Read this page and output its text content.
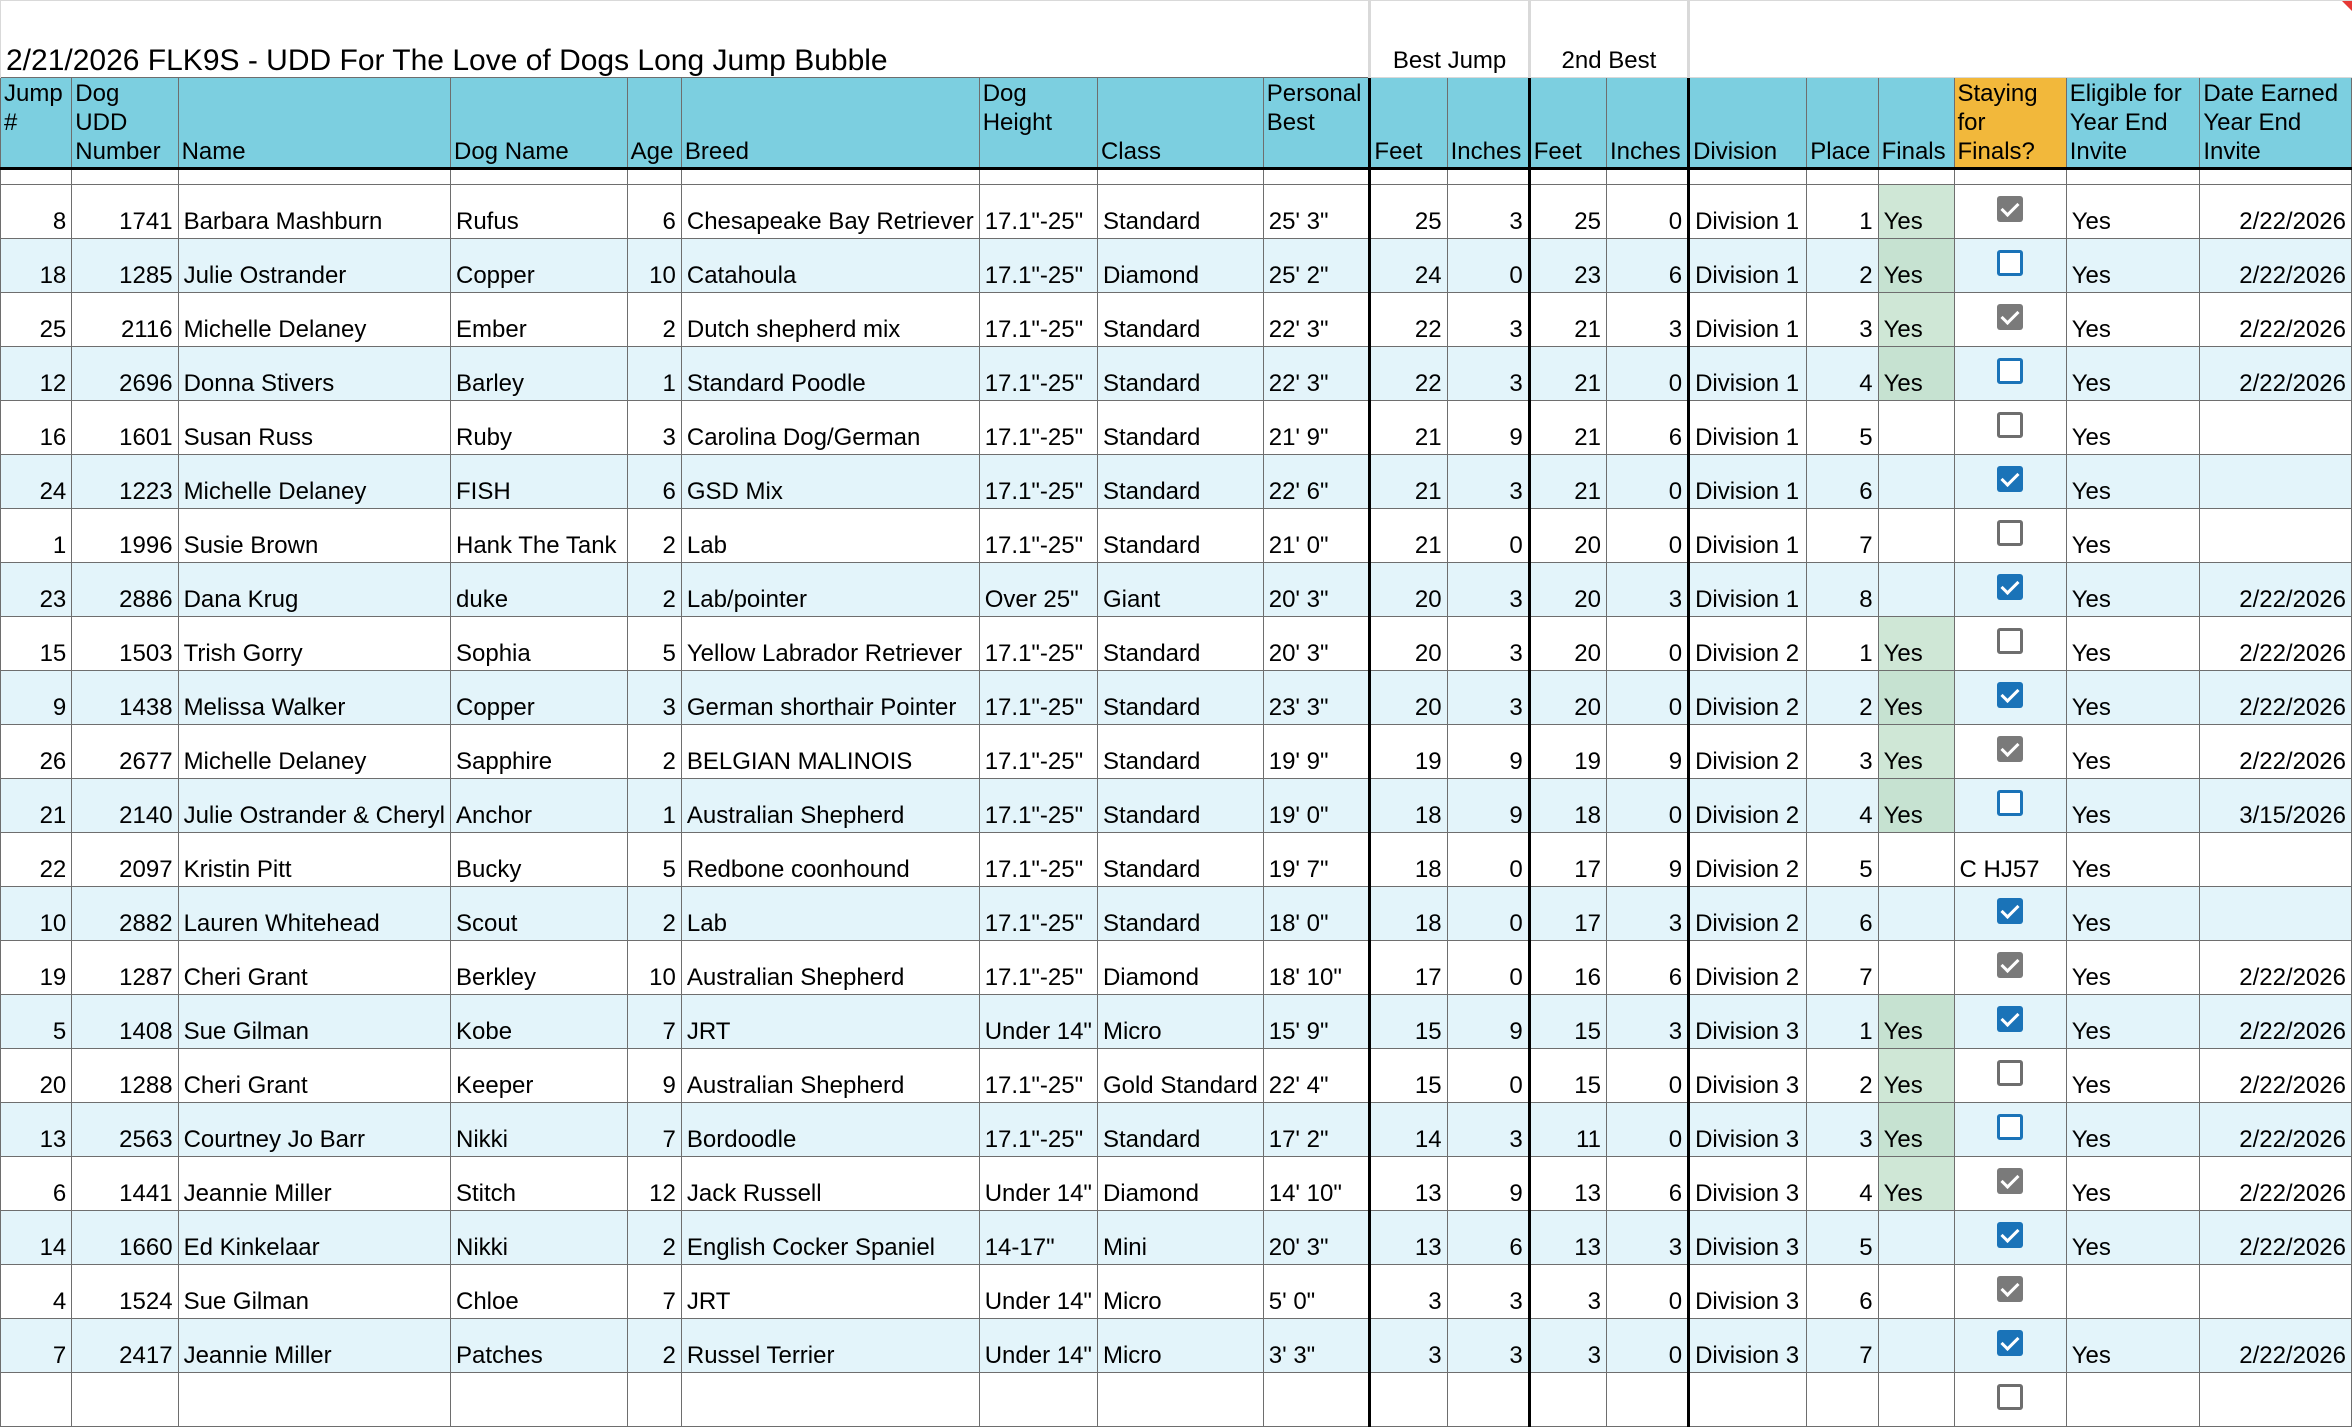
2/21/2026 FLK9S - UDD For The Love of Dogs Long Jump Bubble									Best Jump		2nd Best							
Jump #	Dog UDD Number	Name	Dog Name	Age	Breed	Dog Height	Class	Personal Best	Feet	Inches	Feet	Inches	Division	Place	Finals	Staying for Finals?	Eligible for Year End Invite	Date Earned Year End Invite

8	1741	Barbara Mashburn	Rufus	6	Chesapeake Bay Retriever	17.1"-25"	Standard	25' 3"	25	3	25	0	Division 1	1	Yes		Yes	2/22/2026
18	1285	Julie Ostrander	Copper	10	Catahoula	17.1"-25"	Diamond	25' 2"	24	0	23	6	Division 1	2	Yes		Yes	2/22/2026
25	2116	Michelle Delaney	Ember	2	Dutch shepherd mix	17.1"-25"	Standard	22' 3"	22	3	21	3	Division 1	3	Yes		Yes	2/22/2026
12	2696	Donna Stivers	Barley	1	Standard Poodle	17.1"-25"	Standard	22' 3"	22	3	21	0	Division 1	4	Yes		Yes	2/22/2026
16	1601	Susan Russ	Ruby	3	Carolina Dog/German	17.1"-25"	Standard	21' 9"	21	9	21	6	Division 1	5			Yes	
24	1223	Michelle Delaney	FISH	6	GSD Mix	17.1"-25"	Standard	22' 6"	21	3	21	0	Division 1	6			Yes	
1	1996	Susie Brown	Hank The Tank	2	Lab	17.1"-25"	Standard	21' 0"	21	0	20	0	Division 1	7			Yes	
23	2886	Dana Krug	duke	2	Lab/pointer	Over 25"	Giant	20' 3"	20	3	20	3	Division 1	8			Yes	2/22/2026
15	1503	Trish Gorry	Sophia	5	Yellow Labrador Retriever	17.1"-25"	Standard	20' 3"	20	3	20	0	Division 2	1	Yes		Yes	2/22/2026
9	1438	Melissa Walker	Copper	3	German shorthair Pointer	17.1"-25"	Standard	23' 3"	20	3	20	0	Division 2	2	Yes		Yes	2/22/2026
26	2677	Michelle Delaney	Sapphire	2	BELGIAN MALINOIS	17.1"-25"	Standard	19' 9"	19	9	19	9	Division 2	3	Yes		Yes	2/22/2026
21	2140	Julie Ostrander & Cheryl	Anchor	1	Australian Shepherd	17.1"-25"	Standard	19' 0"	18	9	18	0	Division 2	4	Yes		Yes	3/15/2026
22	2097	Kristin Pitt	Bucky	5	Redbone coonhound	17.1"-25"	Standard	19' 7"	18	0	17	9	Division 2	5		C HJ57	Yes	
10	2882	Lauren Whitehead	Scout	2	Lab	17.1"-25"	Standard	18' 0"	18	0	17	3	Division 2	6			Yes	
19	1287	Cheri Grant	Berkley	10	Australian Shepherd	17.1"-25"	Diamond	18' 10"	17	0	16	6	Division 2	7			Yes	2/22/2026
5	1408	Sue Gilman	Kobe	7	JRT	Under 14"	Micro	15' 9"	15	9	15	3	Division 3	1	Yes		Yes	2/22/2026
20	1288	Cheri Grant	Keeper	9	Australian Shepherd	17.1"-25"	Gold Standard	22' 4"	15	0	15	0	Division 3	2	Yes		Yes	2/22/2026
13	2563	Courtney Jo Barr	Nikki	7	Bordoodle	17.1"-25"	Standard	17' 2"	14	3	11	0	Division 3	3	Yes		Yes	2/22/2026
6	1441	Jeannie Miller	Stitch	12	Jack Russell	Under 14"	Diamond	14' 10"	13	9	13	6	Division 3	4	Yes		Yes	2/22/2026
14	1660	Ed Kinkelaar	Nikki	2	English Cocker Spaniel	14-17"	Mini	20' 3"	13	6	13	3	Division 3	5			Yes	2/22/2026
4	1524	Sue Gilman	Chloe	7	JRT	Under 14"	Micro	5' 0"	3	3	3	0	Division 3	6				
7	2417	Jeannie Miller	Patches	2	Russel Terrier	Under 14"	Micro	3' 3"	3	3	3	0	Division 3	7			Yes	2/22/2026
